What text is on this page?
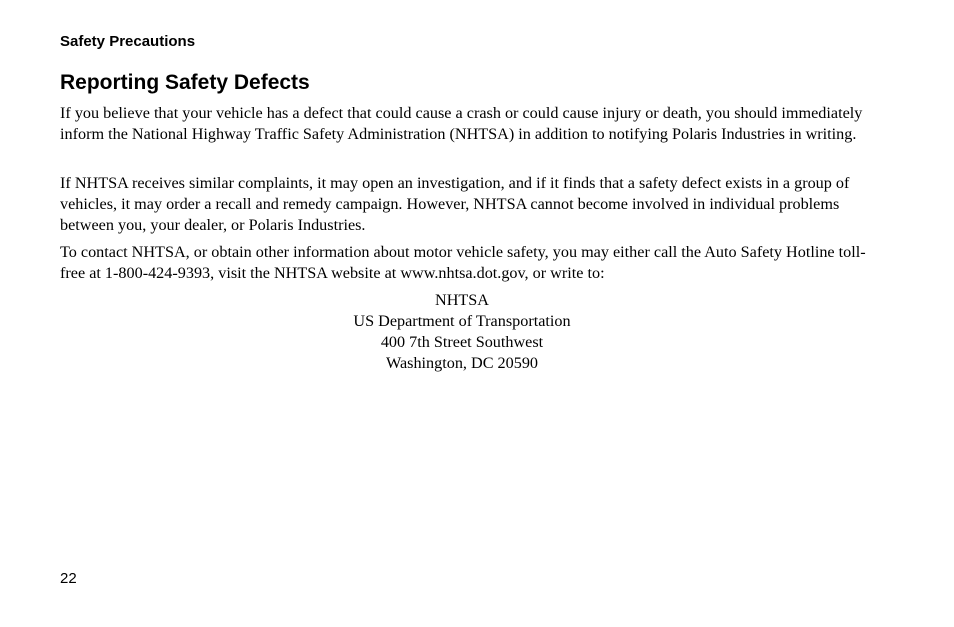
Safety Precautions
Reporting Safety Defects

If you believe that your vehicle has a defect that could cause a crash or could cause injury or death, you should immediately inform the National Highway Traffic Safety Administration (NHTSA) in addition to notifying Polaris Industries in writing.

If NHTSA receives similar complaints, it may open an investigation, and if it finds that a safety defect exists in a group of vehicles, it may order a recall and remedy campaign. However, NHTSA cannot become involved in individual problems between you, your dealer, or Polaris Industries.

To contact NHTSA, or obtain other information about motor vehicle safety, you may either call the Auto Safety Hotline toll-free at 1-800-424-9393, visit the NHTSA website at www.nhtsa.dot.gov, or write to:

NHTSA
US Department of Transportation
400 7th Street Southwest
Washington, DC 20590
22
